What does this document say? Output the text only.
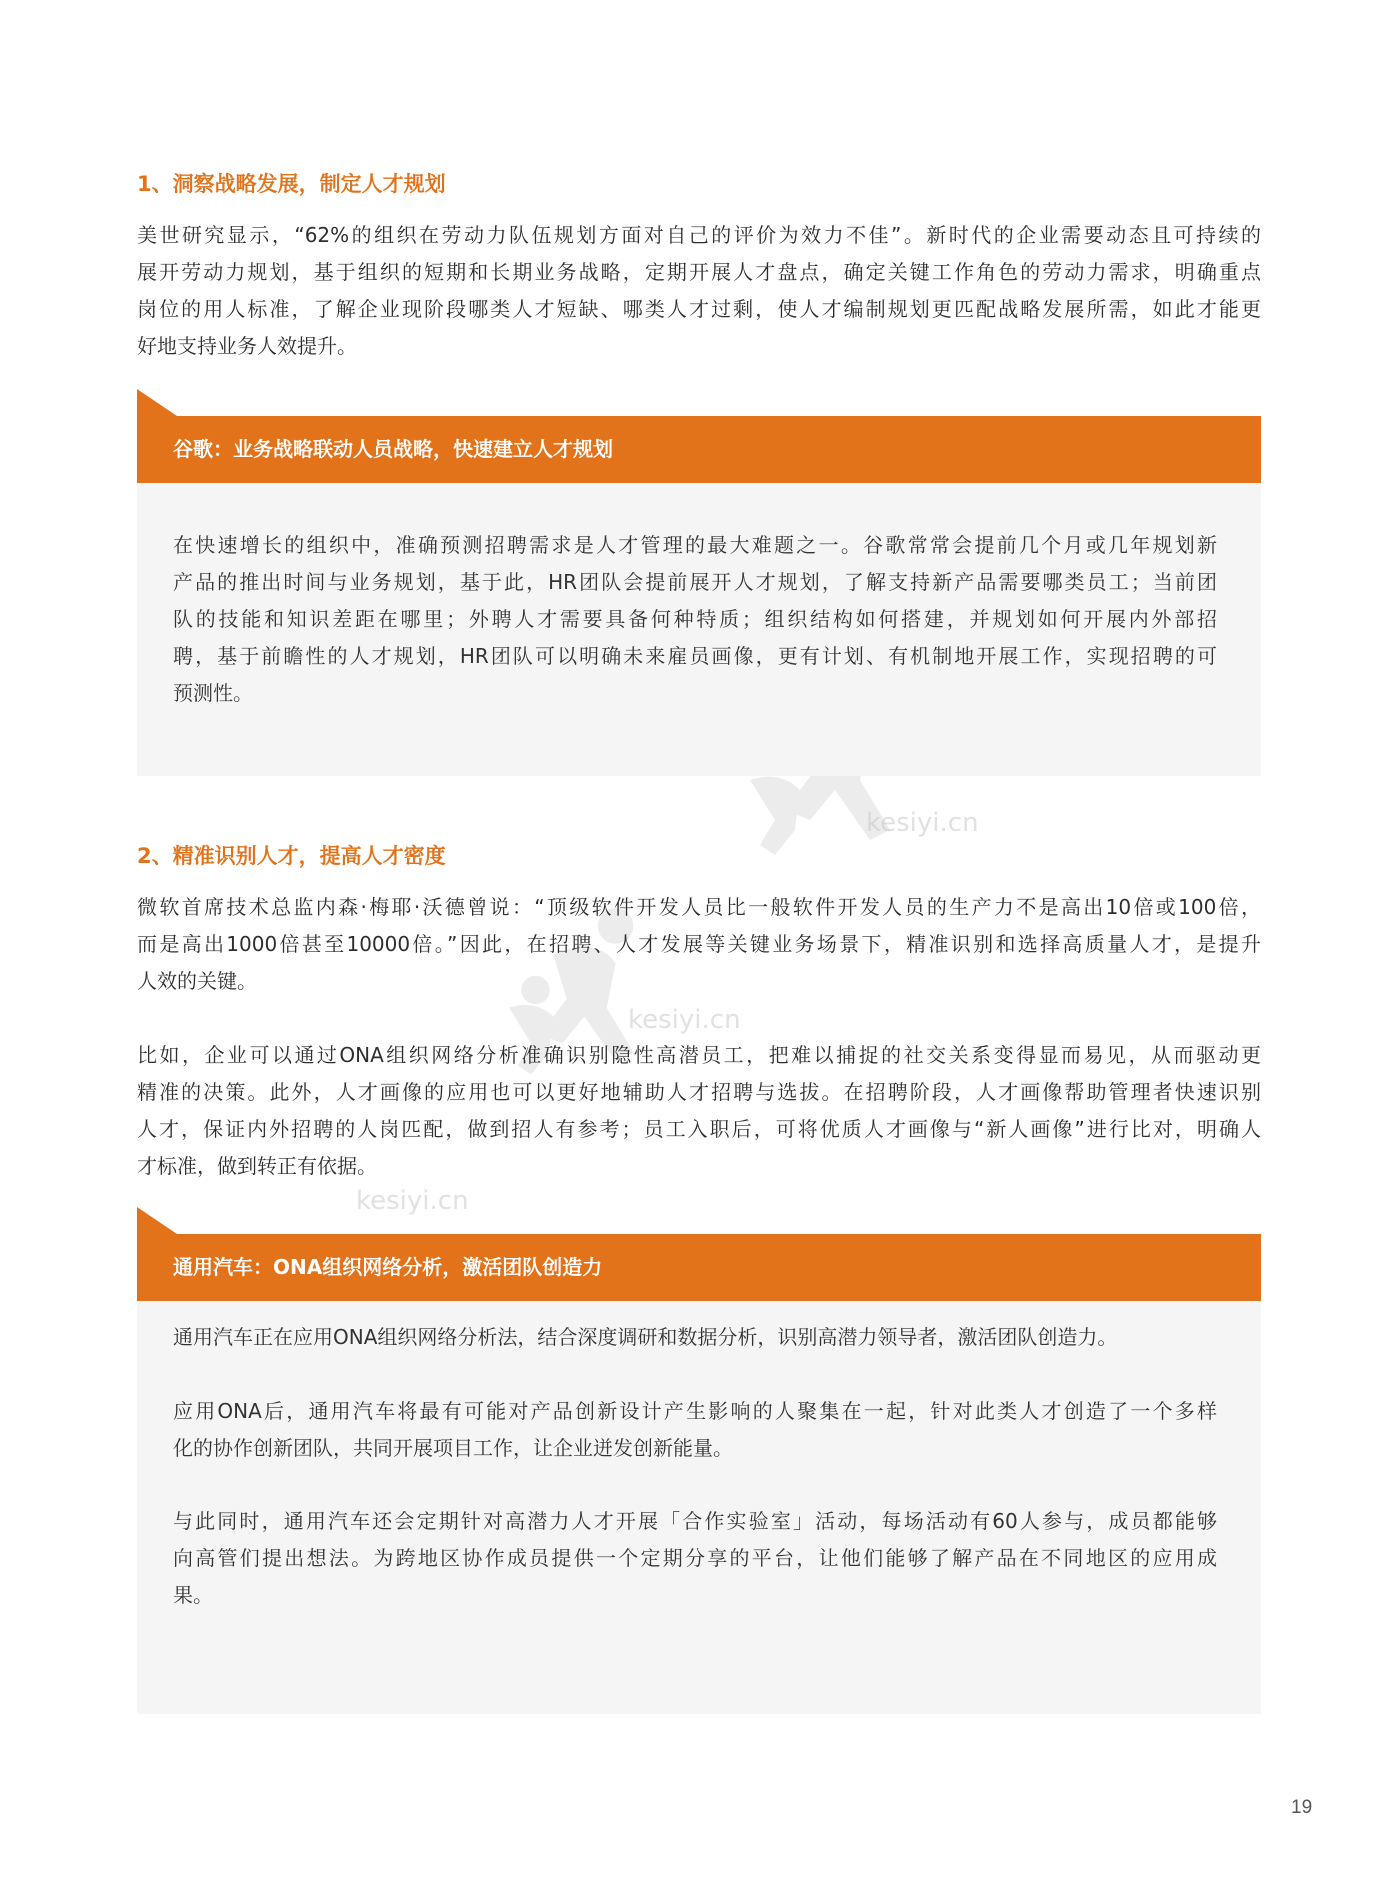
kesiyi.cn
kesiyi.cn
kesiyi.cn
1、洞察战略发展，制定人才规划
美世研究显示，“62%的组织在劳动力队伍规划方面对自己的评价为效力不佳”。新时代的企业需要动态且可持续的
展开劳动力规划，基于组织的短期和长期业务战略，定期开展人才盘点，确定关键工作角色的劳动力需求，明确重点
岗位的用人标准，了解企业现阶段哪类人才短缺、哪类人才过剩，使人才编制规划更匹配战略发展所需，如此才能更
好地支持业务人效提升。
谷歌：业务战略联动人员战略，快速建立人才规划
在快速增长的组织中，准确预测招聘需求是人才管理的最大难题之一。谷歌常常会提前几个月或几年规划新
产品的推出时间与业务规划，基于此，HR团队会提前展开人才规划，了解支持新产品需要哪类员工；当前团
队的技能和知识差距在哪里；外聘人才需要具备何种特质；组织结构如何搭建，并规划如何开展内外部招
聘，基于前瞻性的人才规划，HR团队可以明确未来雇员画像，更有计划、有机制地开展工作，实现招聘的可
预测性。
2、精准识别人才，提高人才密度
微软首席技术总监内森·梅耶·沃德曾说：“顶级软件开发人员比一般软件开发人员的生产力不是高出10倍或100倍，
而是高出1000倍甚至10000倍。”因此，在招聘、人才发展等关键业务场景下，精准识别和选择高质量人才，是提升
人效的关键。
比如，企业可以通过ONA组织网络分析准确识别隐性高潜员工，把难以捕捉的社交关系变得显而易见，从而驱动更
精准的决策。此外，人才画像的应用也可以更好地辅助人才招聘与选拔。在招聘阶段，人才画像帮助管理者快速识别
人才，保证内外招聘的人岗匹配，做到招人有参考；员工入职后，可将优质人才画像与“新人画像”进行比对，明确人
才标准，做到转正有依据。
通用汽车：ONA组织网络分析，激活团队创造力
通用汽车正在应用ONA组织网络分析法，结合深度调研和数据分析，识别高潜力领导者，激活团队创造力。
应用ONA后，通用汽车将最有可能对产品创新设计产生影响的人聚集在一起，针对此类人才创造了一个多样
化的协作创新团队，共同开展项目工作，让企业迸发创新能量。
与此同时，通用汽车还会定期针对高潜力人才开展「合作实验室」活动，每场活动有60人参与，成员都能够
向高管们提出想法。为跨地区协作成员提供一个定期分享的平台，让他们能够了解产品在不同地区的应用成
果。
19
